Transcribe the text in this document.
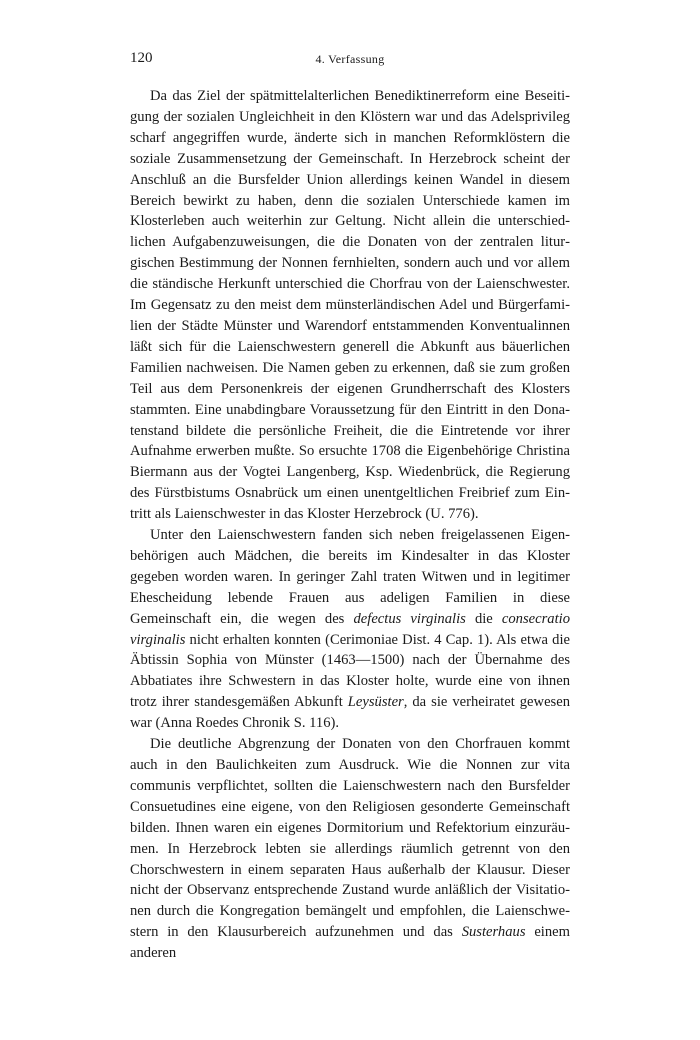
120	4. Verfassung

Da das Ziel der spätmittelalterlichen Benediktinerreform eine Beseitigung der sozialen Ungleichheit in den Klöstern war und das Adelsprivileg scharf angegriffen wurde, änderte sich in manchen Reformklöstern die soziale Zusammensetzung der Gemeinschaft. In Herzebrock scheint der Anschluß an die Bursfelder Union allerdings keinen Wandel in diesem Bereich bewirkt zu haben, denn die sozialen Unterschiede kamen im Klosterleben auch weiterhin zur Geltung. Nicht allein die unterschiedlichen Aufgabenzuweisungen, die die Donaten von der zentralen liturgischen Bestimmung der Nonnen fernhielten, sondern auch und vor allem die ständische Herkunft unterschied die Chorfrau von der Laienschwester. Im Gegensatz zu den meist dem münsterländischen Adel und Bürgerfamilien der Städte Münster und Warendorf entstammenden Konventualinnen läßt sich für die Laienschwestern generell die Abkunft aus bäuerlichen Familien nachweisen. Die Namen geben zu erkennen, daß sie zum großen Teil aus dem Personenkreis der eigenen Grundherrschaft des Klosters stammten. Eine unabdingbare Voraussetzung für den Eintritt in den Donatenstand bildete die persönliche Freiheit, die die Eintretende vor ihrer Aufnahme erwerben mußte. So ersuchte 1708 die Eigenbehörige Christina Biermann aus der Vogtei Langenberg, Ksp. Wiedenbrück, die Regierung des Fürstbistums Osnabrück um einen unentgeltlichen Freibrief zum Eintritt als Laienschwester in das Kloster Herzebrock (U. 776).

Unter den Laienschwestern fanden sich neben freigelassenen Eigenbehörigen auch Mädchen, die bereits im Kindesalter in das Kloster gegeben worden waren. In geringer Zahl traten Witwen und in legitimer Ehescheidung lebende Frauen aus adeligen Familien in diese Gemeinschaft ein, die wegen des defectus virginalis die consecratio virginalis nicht erhalten konnten (Cerimoniae Dist. 4 Cap. 1). Als etwa die Äbtissin Sophia von Münster (1463—1500) nach der Übernahme des Abbatiates ihre Schwestern in das Kloster holte, wurde eine von ihnen trotz ihrer standesgemäßen Abkunft Leysüster, da sie verheiratet gewesen war (Anna Roedes Chronik S. 116).

Die deutliche Abgrenzung der Donaten von den Chorfrauen kommt auch in den Baulichkeiten zum Ausdruck. Wie die Nonnen zur vita communis verpflichtet, sollten die Laienschwestern nach den Bursfelder Consuetudines eine eigene, von den Religiosen gesonderte Gemeinschaft bilden. Ihnen waren ein eigenes Dormitorium und Refektorium einzuräumen. In Herzebrock lebten sie allerdings räumlich getrennt von den Chorschwestern in einem separaten Haus außerhalb der Klausur. Dieser nicht der Observanz entsprechende Zustand wurde anläßlich der Visitationen durch die Kongregation bemängelt und empfohlen, die Laienschwestern in den Klausurbereich aufzunehmen und das Susterhaus einem anderen
